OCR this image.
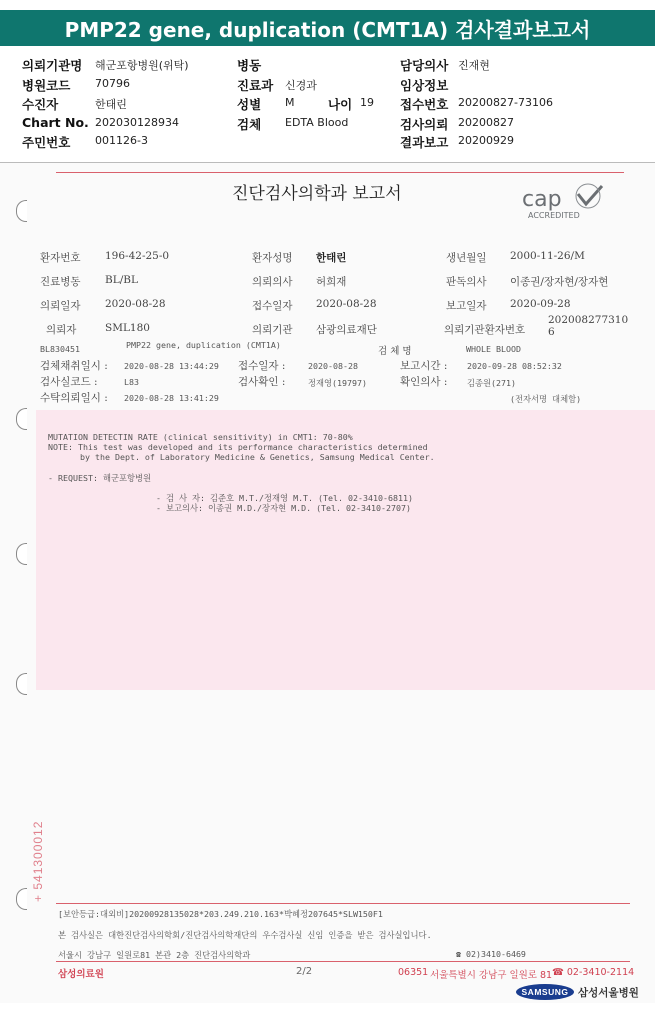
PMP22 gene, duplication (CMT1A) 검사결과보고서
의뢰기관명 해군포항병원(위탁)
병원코드 70796
수진자	한태린
Chart No. 202030128934
주민번호 001126-3
병동
진료과 신경과
성별 M	나이 19
검체 EDTA Blood
담당의사 진재현
임상정보
접수번호 20200827-73106
검사의뢰 20200827
결과보고 20200929
진단검사의학과 보고서	cap
ACCREDITED
환자번호 196-42-25-0	환자성명 한태린	생년월일 2000-11-26/M
진료병동 BL/BL	의뢰의사 허희재	판독의사 이종권/장자현/장자현
의뢰일자 2020-08-28	접수일자 2020-08-28	보고일자 2020-09-28
의뢰자	SML180	의뢰기관 삼광의료재단	의뢰기관환자번호
202008277310
6
BL830451	PMP22 gene, duplication (CMT1A)
검 체 명	WHOLE BLOOD
검체채취일시 : 2020-08-28 13:44:29 접수일자 :	2020-08-28	보고시간 : 2020-09-28 08:52:32
검사실코드 :	L83	검사확인 :	정재영(19797)	확인의사 : 김종원(271)
수탁의뢰일시 : 2020-08-28 13:41:29	(전자서명 대체함)
MUTATION DETECTIN RATE (clinical sensitivity) in CMT1: 70-80%
NOTE: This test was developed and its performance characteristics determined
by the Dept. of Laboratory Medicine & Genetics, Samsung Medical Center.
- REQUEST: 해군포항병원
- 검 사 자: 김준호 M.T./정재영 M.T. (Tel. 02-3410-6811)
- 보고의사: 이종권 M.D./장자현 M.D. (Tel. 02-3410-2707)
+ 541300012
[보안등급:대외비]20200928135028*203.249.210.163*박혜정207645*SLW150F1
본 검사실은 대한진단검사의학회/진단검사의학재단의 우수검사실 신임 인증을 받은 검사실입니다.
서울시 강남구 일원로81 본관 2층 진단검사의학과	☎ 02)3410-6469
삼성의료원	2/2	06351 서울특별시 강남구 일원로 81 ☎ 02-3410-2114
SAMSUNG 삼성서울병원
